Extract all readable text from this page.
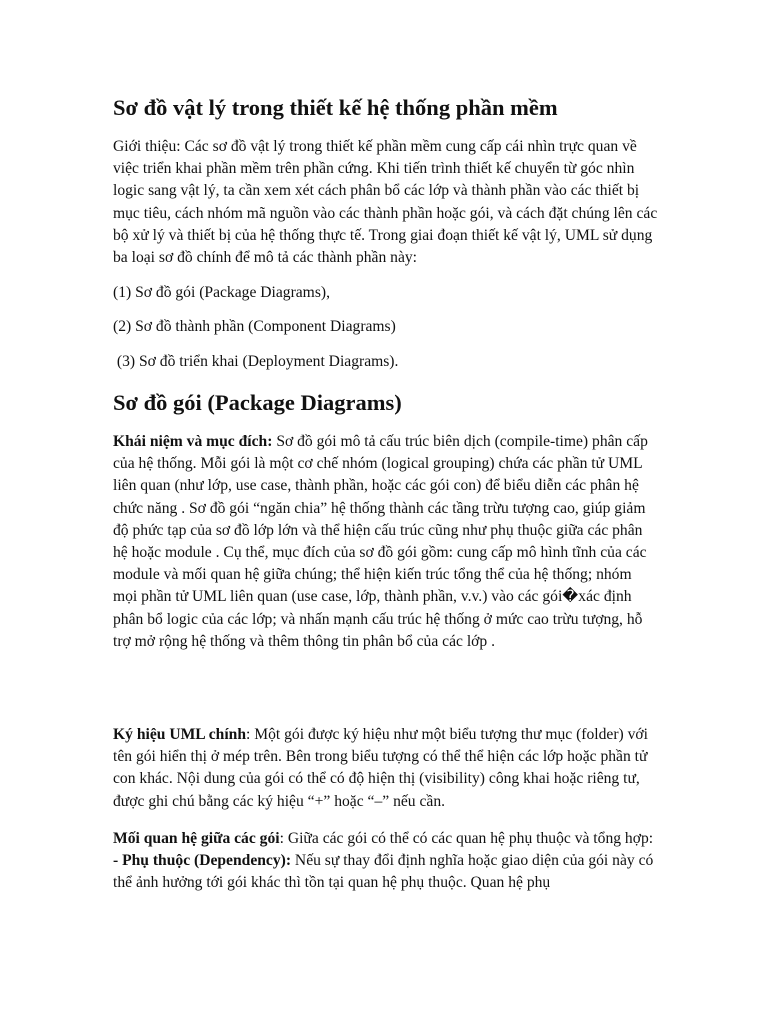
Sơ đồ vật lý trong thiết kế hệ thống phần mềm

Giới thiệu: Các sơ đồ vật lý trong thiết kế phần mềm cung cấp cái nhìn trực quan về việc triển khai phần mềm trên phần cứng. Khi tiến trình thiết kế chuyển từ góc nhìn logic sang vật lý, ta cần xem xét cách phân bổ các lớp và thành phần vào các thiết bị mục tiêu, cách nhóm mã nguồn vào các thành phần hoặc gói, và cách đặt chúng lên các bộ xử lý và thiết bị của hệ thống thực tế. Trong giai đoạn thiết kế vật lý, UML sử dụng ba loại sơ đồ chính để mô tả các thành phần này:

(1) Sơ đồ gói (Package Diagrams),

(2) Sơ đồ thành phần (Component Diagrams)

(3) Sơ đồ triển khai (Deployment Diagrams).

Sơ đồ gói (Package Diagrams)

Khái niệm và mục đích: Sơ đồ gói mô tả cấu trúc biên dịch (compile-time) phân cấp của hệ thống. Mỗi gói là một cơ chế nhóm (logical grouping) chứa các phần tử UML liên quan (như lớp, use case, thành phần, hoặc các gói con) để biểu diễn các phân hệ chức năng . Sơ đồ gói “ngăn chia” hệ thống thành các tầng trừu tượng cao, giúp giảm độ phức tạp của sơ đồ lớp lớn và thể hiện cấu trúc cũng như phụ thuộc giữa các phân hệ hoặc module . Cụ thể, mục đích của sơ đồ gói gồm: cung cấp mô hình tĩnh của các module và mối quan hệ giữa chúng; thể hiện kiến trúc tổng thể của hệ thống; nhóm mọi phần tử UML liên quan (use case, lớp, thành phần, v.v.) vào các gói�xác định phân bổ logic của các lớp; và nhấn mạnh cấu trúc hệ thống ở mức cao trừu tượng, hỗ trợ mở rộng hệ thống và thêm thông tin phân bổ của các lớp .

Ký hiệu UML chính: Một gói được ký hiệu như một biểu tượng thư mục (folder) với tên gói hiển thị ở mép trên. Bên trong biểu tượng có thể thể hiện các lớp hoặc phần tử con khác. Nội dung của gói có thể có độ hiện thị (visibility) công khai hoặc riêng tư, được ghi chú bằng các ký hiệu “+” hoặc “–” nếu cần.

Mối quan hệ giữa các gói: Giữa các gói có thể có các quan hệ phụ thuộc và tổng hợp:
- Phụ thuộc (Dependency): Nếu sự thay đổi định nghĩa hoặc giao diện của gói này có thể ảnh hưởng tới gói khác thì tồn tại quan hệ phụ thuộc. Quan hệ phụ
